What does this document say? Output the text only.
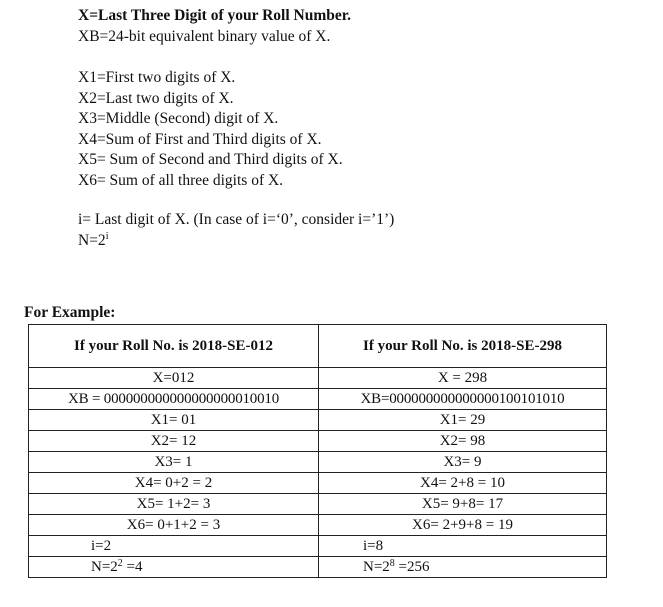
X=Last Three Digit of your Roll Number.
XB=24-bit equivalent binary value of X.
X1=First two digits of X.
X2=Last two digits of X.
X3=Middle (Second) digit of X.
X4=Sum of First and Third digits of X.
X5= Sum of Second and Third digits of X.
X6= Sum of all three digits of X.
i= Last digit of X. (In case of i=‘0’, consider i=’1’)
$N=2^i$
For Example:
If your Roll No. is 2018-SE-012	If your Roll No. is 2018-SE-298
X=012	X = 298
XB = 000000000000000000010010	XB=000000000000000100101010
X1= 01	X1= 29
X2= 12	X2= 98
X3= 1	X3= 9
X4= 0+2 = 2	X4= 2+8 = 10
X5= 1+2= 3	X5= 9+8= 17
X6= 0+1+2 = 3	X6= 2+9+8 = 19
i=2	i=8
$N=2^2 =4$	$N=2^8 =256$
